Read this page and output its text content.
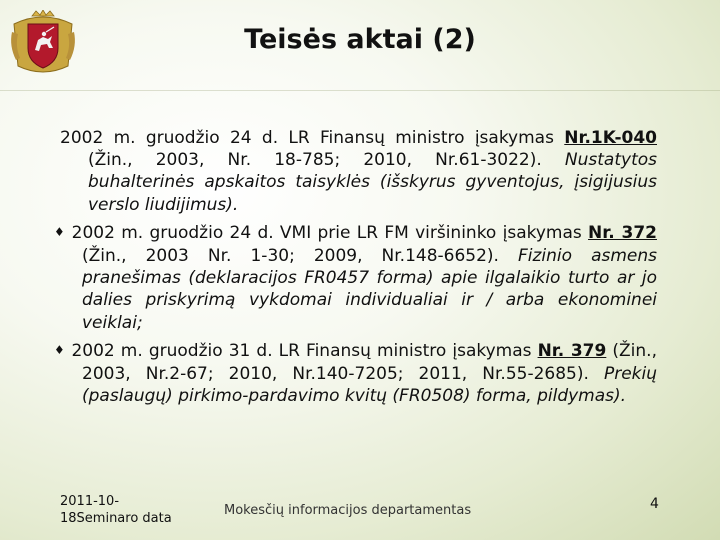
Teisės aktai (2)

2002 m. gruodžio 24 d. LR Finansų ministro įsakymas Nr.1K-040 (Žin., 2003, Nr. 18-785; 2010, Nr.61-3022). Nustatytos buhalterinės apskaitos taisyklės (išskyrus gyventojus, įsigijusius verslo liudijimus).

♦ 2002 m. gruodžio 24 d. VMI prie LR FM viršininko įsakymas Nr. 372 (Žin., 2003 Nr. 1-30; 2009, Nr.148-6652). Fizinio asmens pranešimas (deklaracijos FR0457 forma) apie ilgalaikio turto ar jo dalies priskyrimą vykdomai individualiai ir / arba ekonominei veiklai;

♦ 2002 m. gruodžio 31 d. LR Finansų ministro įsakymas Nr. 379 (Žin., 2003, Nr.2-67; 2010, Nr.140-7205; 2011, Nr.55-2685). Prekių (paslaugų) pirkimo-pardavimo kvitų (FR0508) forma, pildymas).

2011-10-18Seminaro data
Mokesčių informacijos departamentas	4
